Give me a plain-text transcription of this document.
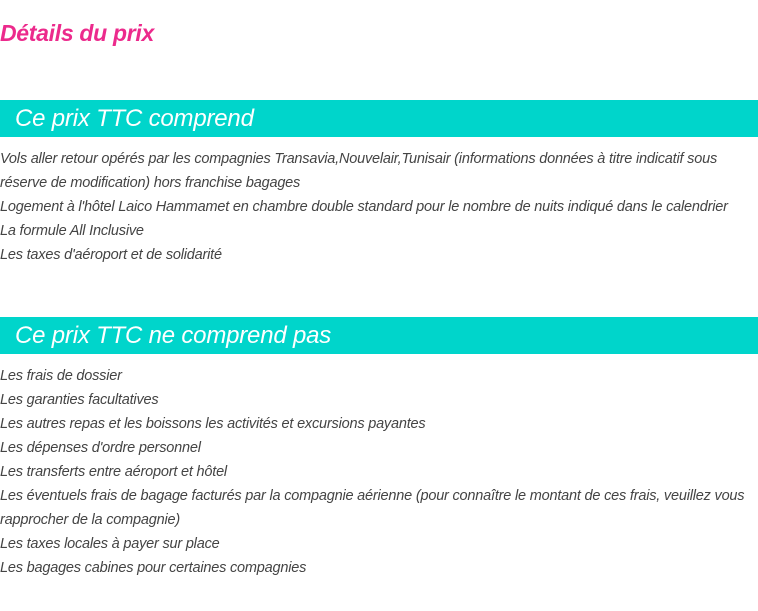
Détails du prix
Ce prix TTC comprend
Vols aller retour opérés par les compagnies Transavia,Nouvelair,Tunisair (informations données à titre indicatif sous réserve de modification) hors franchise bagages
Logement à l'hôtel Laico Hammamet en chambre double standard pour le nombre de nuits indiqué dans le calendrier
La formule All Inclusive
Les taxes d'aéroport et de solidarité
Ce prix TTC ne comprend pas
Les frais de dossier
Les garanties facultatives
Les autres repas et les boissons les activités et excursions payantes
Les dépenses d'ordre personnel
Les transferts entre aéroport et hôtel
Les éventuels frais de bagage facturés par la compagnie aérienne (pour connaître le montant de ces frais, veuillez vous rapprocher de la compagnie)
Les taxes locales à payer sur place
Les bagages cabines pour certaines compagnies
